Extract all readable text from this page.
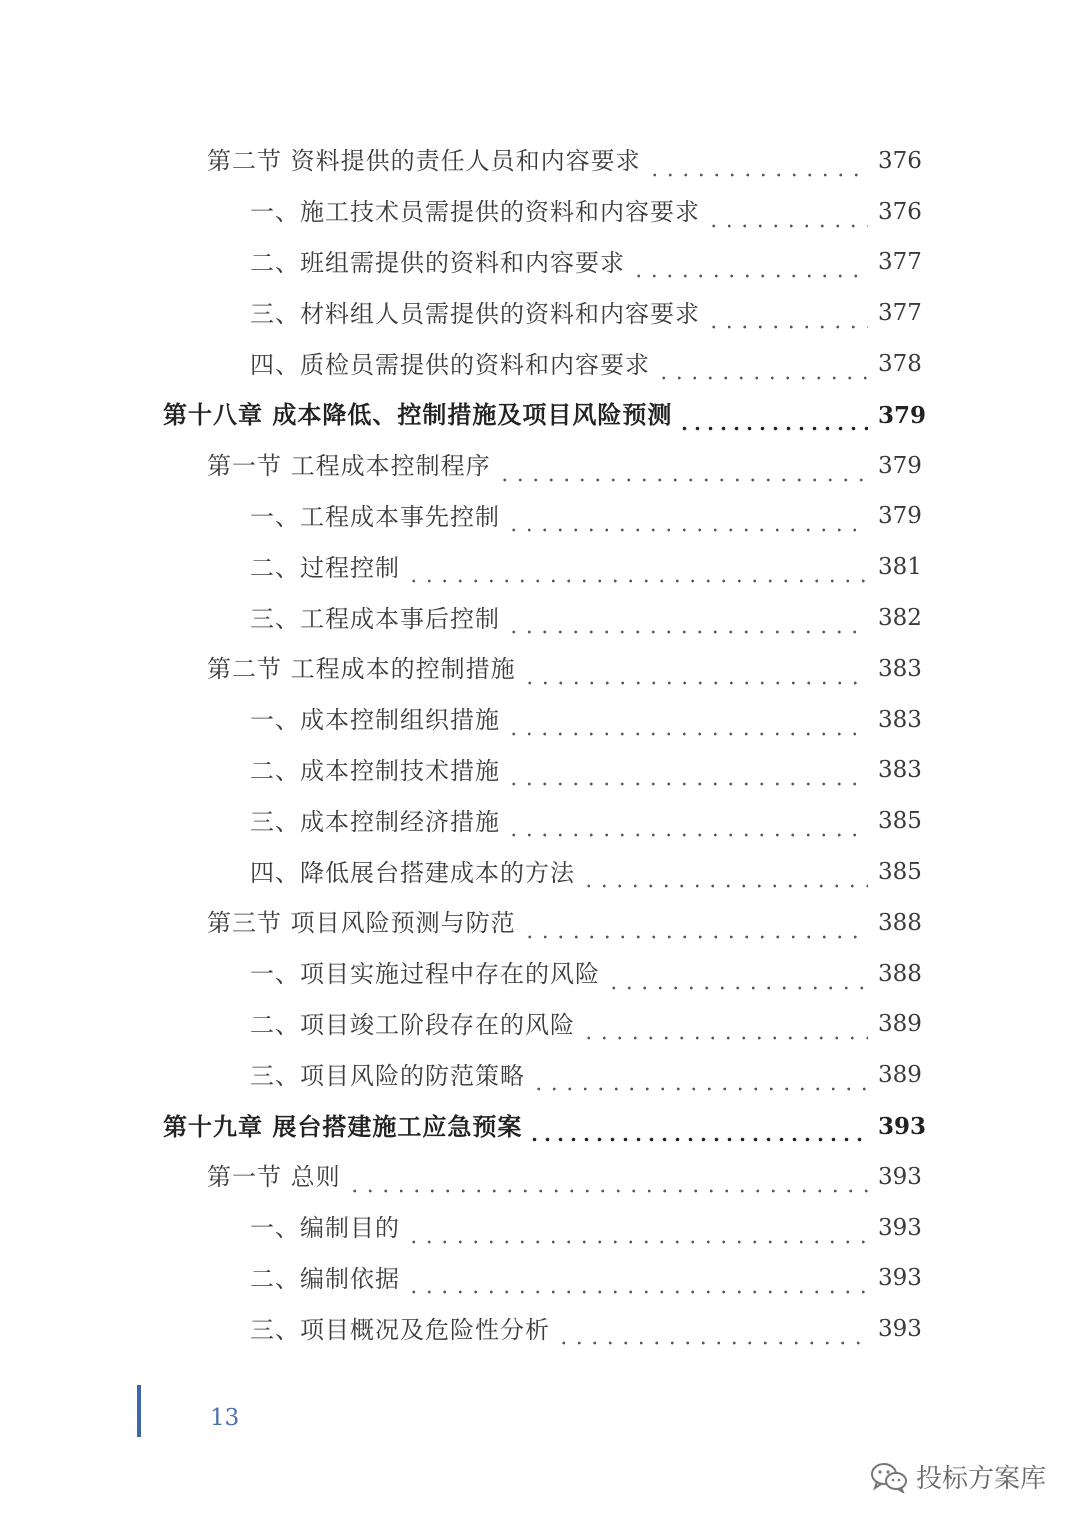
第二节 资料提供的责任人员和内容要求	376
一、施工技术员需提供的资料和内容要求	376
二、班组需提供的资料和内容要求	377
三、材料组人员需提供的资料和内容要求	377
四、质检员需提供的资料和内容要求	378
第十八章 成本降低、控制措施及项目风险预测	379
第一节 工程成本控制程序	379
一、工程成本事先控制	379
二、过程控制	381
三、工程成本事后控制	382
第二节 工程成本的控制措施	383
一、成本控制组织措施	383
二、成本控制技术措施	383
三、成本控制经济措施	385
四、降低展台搭建成本的方法	385
第三节 项目风险预测与防范	388
一、项目实施过程中存在的风险	388
二、项目竣工阶段存在的风险	389
三、项目风险的防范策略	389
第十九章 展台搭建施工应急预案	393
第一节 总则	393
一、编制目的	393
二、编制依据	393
三、项目概况及危险性分析	393
13
投标方案库
